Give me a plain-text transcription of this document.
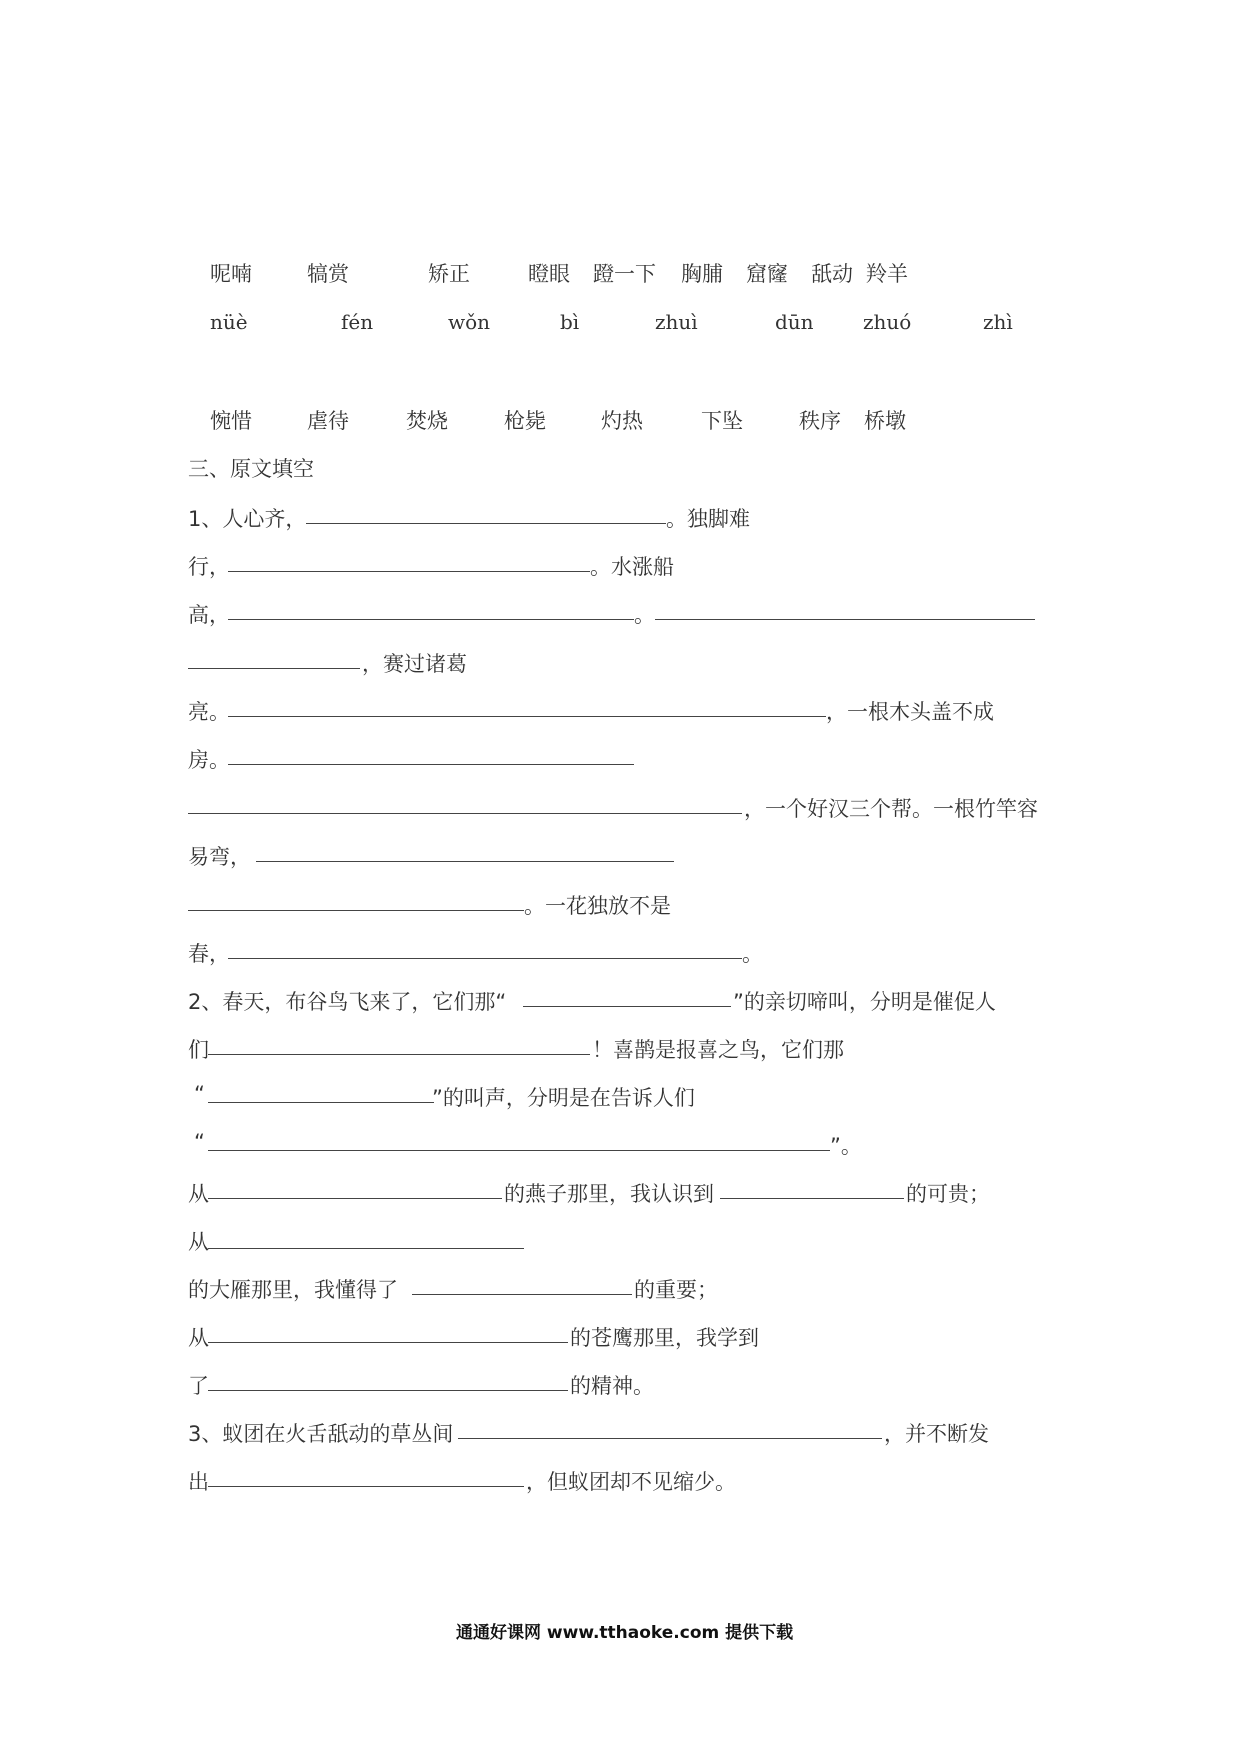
呢喃	犒赏	矫正	瞪眼 蹬一下 胸脯 窟窿 舐动 羚羊
nüè	fén	wǒn	bì	zhuì	dūn zhuó	zhì
惋惜	虐待	焚烧	枪毙	灼热	下坠	秩序 桥墩
三、原文填空
1、人心齐，	。独脚难
行，	。水涨船
高，	。
，赛过诸葛
亮。	，一根木头盖不成
房。
，一个好汉三个帮。一根竹竿容
易弯，
。一花独放不是
春，	。
2、春天，布谷鸟飞来了，它们那“	”的亲切啼叫，分明是催促人
们	！喜鹊是报喜之鸟，它们那
“	”的叫声，分明是在告诉人们
“	”。
从	的燕子那里，我认识到	的可贵；
从
的大雁那里，我懂得了	的重要；
从	的苍鹰那里，我学到
了	的精神。
3、蚁团在火舌舐动的草丛间	，并不断发
出	，但蚁团却不见缩少。
通通好课网 www.tthaoke.com 提供下载
